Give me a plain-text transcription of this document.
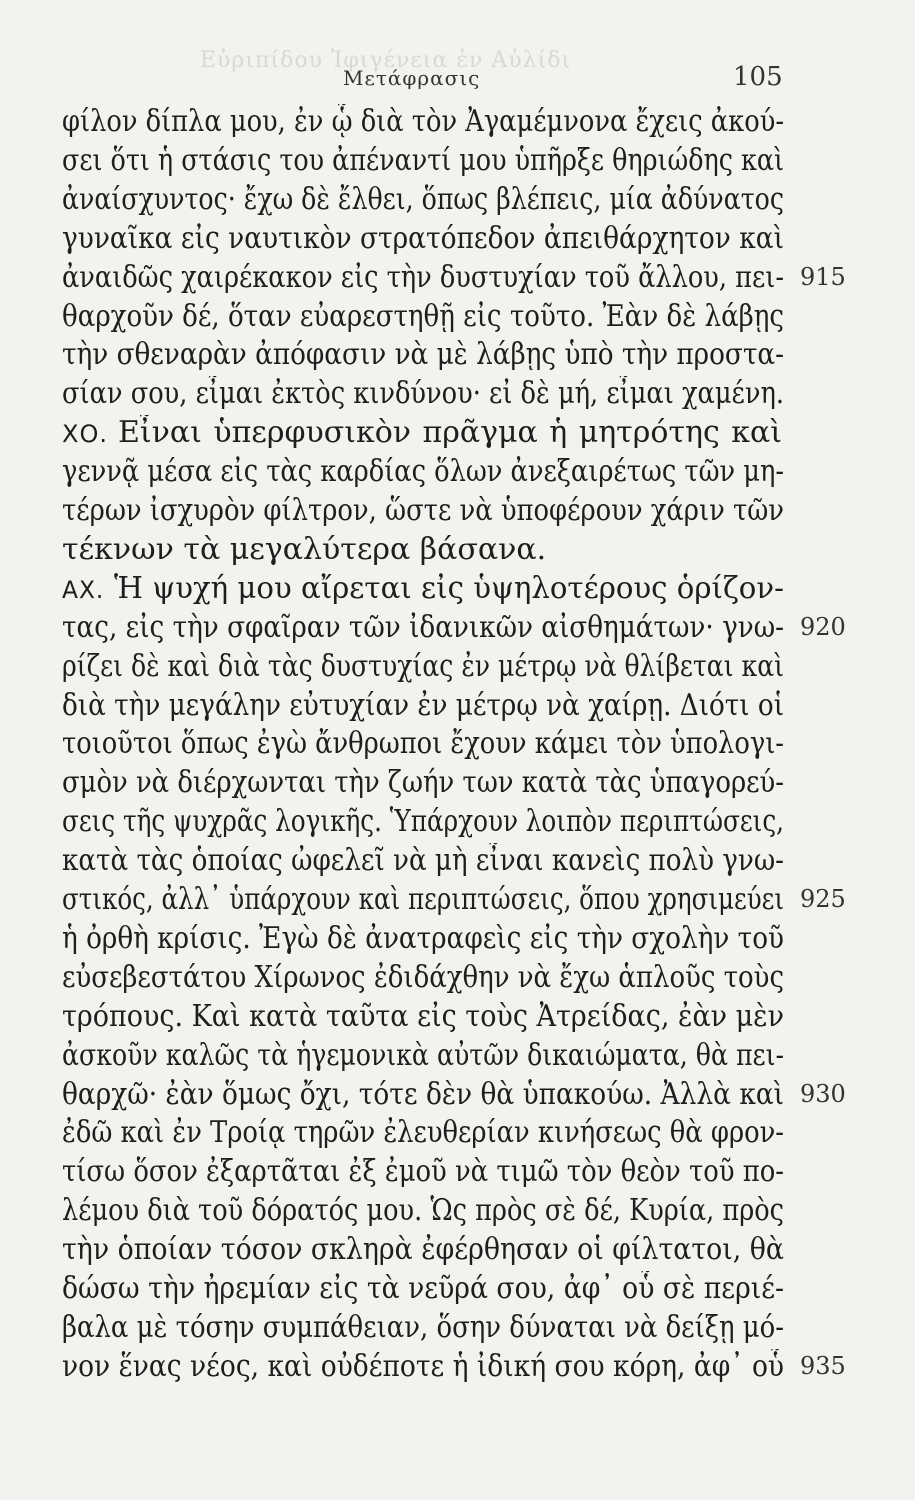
Εὐριπίδου Ἰφιγένεια ἐν Αὐλίδι
Μετάφρασις	105
φίλον δίπλα μου, ἐν ᾧ διὰ τὸν Ἀγαμέμνονα ἔχεις ἀκού-
σει ὅτι ἡ στάσις του ἀπέναντί μου ὑπῆρξε θηριώδης καὶ
ἀναίσχυντος· ἔχω δὲ ἔλθει, ὅπως βλέπεις, μία ἀδύνατος
γυναῖκα εἰς ναυτικὸν στρατόπεδον ἀπειθάρχητον καὶ
ἀναιδῶς χαιρέκακον εἰς τὴν δυστυχίαν τοῦ ἄλλου, πει-
θαρχοῦν δέ, ὅταν εὐαρεστηθῇ εἰς τοῦτο. Ἐὰν δὲ λάβῃς
τὴν σθεναρὰν ἀπόφασιν νὰ μὲ λάβῃς ὑπὸ τὴν προστα-
σίαν σου, εἶμαι ἐκτὸς κινδύνου· εἰ δὲ μή, εἶμαι χαμένη.
ΧΟ. Εἶναι ὑπερφυσικὸν πρᾶγμα ἡ μητρότης καὶ
γεννᾷ μέσα εἰς τὰς καρδίας ὅλων ἀνεξαιρέτως τῶν μη-
τέρων ἰσχυρὸν φίλτρον, ὥστε νὰ ὑποφέρουν χάριν τῶν
τέκνων τὰ μεγαλύτερα βάσανα.
ΑΧ. Ἡ ψυχή μου αἴρεται εἰς ὑψηλοτέρους ὁρίζον-
τας, εἰς τὴν σφαῖραν τῶν ἰδανικῶν αἰσθημάτων· γνω-
ρίζει δὲ καὶ διὰ τὰς δυστυχίας ἐν μέτρῳ νὰ θλίβεται καὶ
διὰ τὴν μεγάλην εὐτυχίαν ἐν μέτρῳ νὰ χαίρῃ. Διότι οἱ
τοιοῦτοι ὅπως ἐγὼ ἄνθρωποι ἔχουν κάμει τὸν ὑπολογι-
σμὸν νὰ διέρχωνται τὴν ζωήν των κατὰ τὰς ὑπαγορεύ-
σεις τῆς ψυχρᾶς λογικῆς. Ὑπάρχουν λοιπὸν περιπτώσεις,
κατὰ τὰς ὁποίας ὠφελεῖ νὰ μὴ εἶναι κανεὶς πολὺ γνω-
στικός, ἀλλ᾽ ὑπάρχουν καὶ περιπτώσεις, ὅπου χρησιμεύει
ἡ ὀρθὴ κρίσις. Ἐγὼ δὲ ἀνατραφεὶς εἰς τὴν σχολὴν τοῦ
εὐσεβεστάτου Χίρωνος ἐδιδάχθην νὰ ἔχω ἁπλοῦς τοὺς
τρόπους. Καὶ κατὰ ταῦτα εἰς τοὺς Ἀτρείδας, ἐὰν μὲν
ἀσκοῦν καλῶς τὰ ἡγεμονικὰ αὐτῶν δικαιώματα, θὰ πει-
θαρχῶ· ἐὰν ὅμως ὄχι, τότε δὲν θὰ ὑπακούω. Ἀλλὰ καὶ
ἐδῶ καὶ ἐν Τροίᾳ τηρῶν ἐλευθερίαν κινήσεως θὰ φρον-
τίσω ὅσον ἐξαρτᾶται ἐξ ἐμοῦ νὰ τιμῶ τὸν θεὸν τοῦ πο-
λέμου διὰ τοῦ δόρατός μου. Ὡς πρὸς σὲ δέ, Κυρία, πρὸς
τὴν ὁποίαν τόσον σκληρὰ ἐφέρθησαν οἱ φίλτατοι, θὰ
δώσω τὴν ἠρεμίαν εἰς τὰ νεῦρά σου, ἀφ᾽ οὗ σὲ περιέ-
βαλα μὲ τόσην συμπάθειαν, ὅσην δύναται νὰ δείξῃ μό-
νον ἕνας νέος, καὶ οὐδέποτε ἡ ἰδική σου κόρη, ἀφ᾽ οὗ
915
920
925
930
935
